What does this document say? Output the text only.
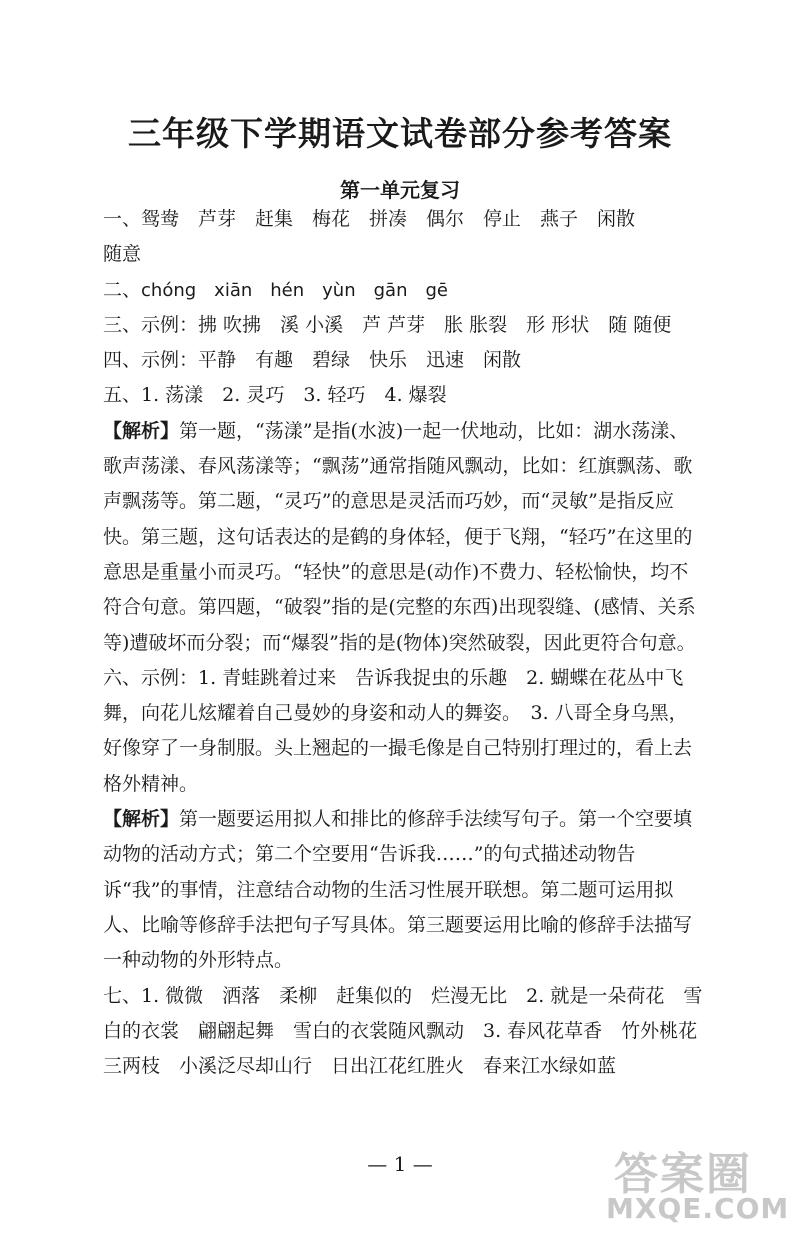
三年级下学期语文试卷部分参考答案
第一单元复习

一、鸳鸯　芦芽　赶集　梅花　拼凑　偶尔　停止　燕子　闲散

随意

二、chóng　xiān　hén　yùn　gān　gē

三、示例：拂 吹拂　溪 小溪　芦 芦芽　胀 胀裂　形 形状　随 随便

四、示例：平静　有趣　碧绿　快乐　迅速　闲散

五、1. 荡漾　2. 灵巧　3. 轻巧　4. 爆裂

【解析】第一题，“荡漾”是指(水波)一起一伏地动，比如：湖水荡漾、歌声荡漾、春风荡漾等；“飘荡”通常指随风飘动，比如：红旗飘荡、歌声飘荡等。第二题，“灵巧”的意思是灵活而巧妙，而“灵敏”是指反应快。第三题，这句话表达的是鹤的身体轻，便于飞翔，“轻巧”在这里的意思是重量小而灵巧。“轻快”的意思是(动作)不费力、轻松愉快，均不符合句意。第四题，“破裂”指的是(完整的东西)出现裂缝、(感情、关系等)遭破坏而分裂；而“爆裂”指的是(物体)突然破裂，因此更符合句意。

六、示例：1. 青蛙跳着过来　告诉我捉虫的乐趣　2. 蝴蝶在花丛中飞舞，向花儿炫耀着自己曼妙的身姿和动人的舞姿。　3. 八哥全身乌黑，好像穿了一身制服。头上翘起的一撮毛像是自己特别打理过的，看上去格外精神。

【解析】第一题要运用拟人和排比的修辞手法续写句子。第一个空要填动物的活动方式；第二个空要用“告诉我……”的句式描述动物告诉“我”的事情，注意结合动物的生活习性展开联想。第二题可运用拟人、比喻等修辞手法把句子写具体。第三题要运用比喻的修辞手法描写一种动物的外形特点。

七、1. 微微　洒落　柔柳　赶集似的　烂漫无比　2. 就是一朵荷花　雪白的衣裳　翩翩起舞　雪白的衣裳随风飘动　3. 春风花草香　竹外桃花三两枝　小溪泛尽却山行　日出江花红胜火　春来江水绿如蓝

— 1 —	答案圈
MXQE.COM
